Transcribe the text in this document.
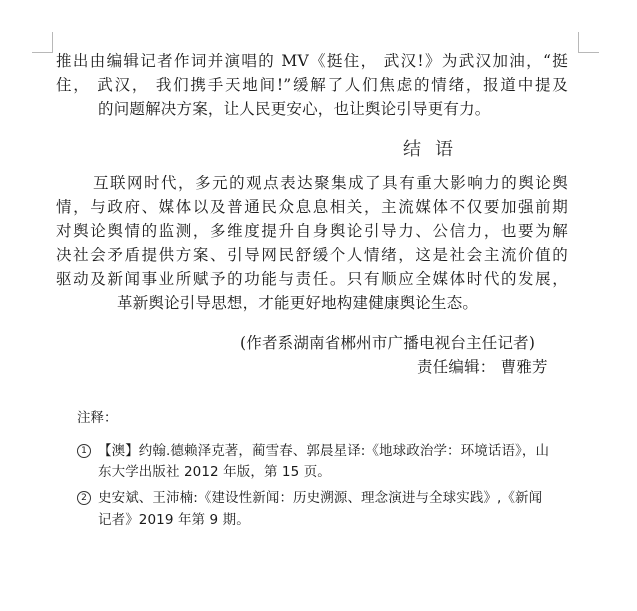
推出由编辑记者作词并演唱的 MV《挺住， 武汉!》为武汉加油，“挺
住， 武汉， 我们携手天地间!”缓解了人们焦虑的情绪，报道中提及
的问题解决方案，让人民更安心，也让舆论引导更有力。
结语
互联网时代，多元的观点表达聚集成了具有重大影响力的舆论舆
情，与政府、媒体以及普通民众息息相关，主流媒体不仅要加强前期
对舆论舆情的监测，多维度提升自身舆论引导力、公信力，也要为解
决社会矛盾提供方案、引导网民舒缓个人情绪，这是社会主流价值的
驱动及新闻事业所赋予的功能与责任。只有顺应全媒体时代的发展，
革新舆论引导思想，才能更好地构建健康舆论生态。
(作者系湖南省郴州市广播电视台主任记者)
责任编辑： 曹雅芳
注释：
1 【澳】约翰.德赖泽克著，蔺雪春、郭晨星译:《地球政治学：环境话语》，山
东大学出版社 2012 年版，第 15 页。
2 史安斌、王沛楠:《建设性新闻：历史溯源、理念演进与全球实践》,《新闻
记者》2019 年第 9 期。
